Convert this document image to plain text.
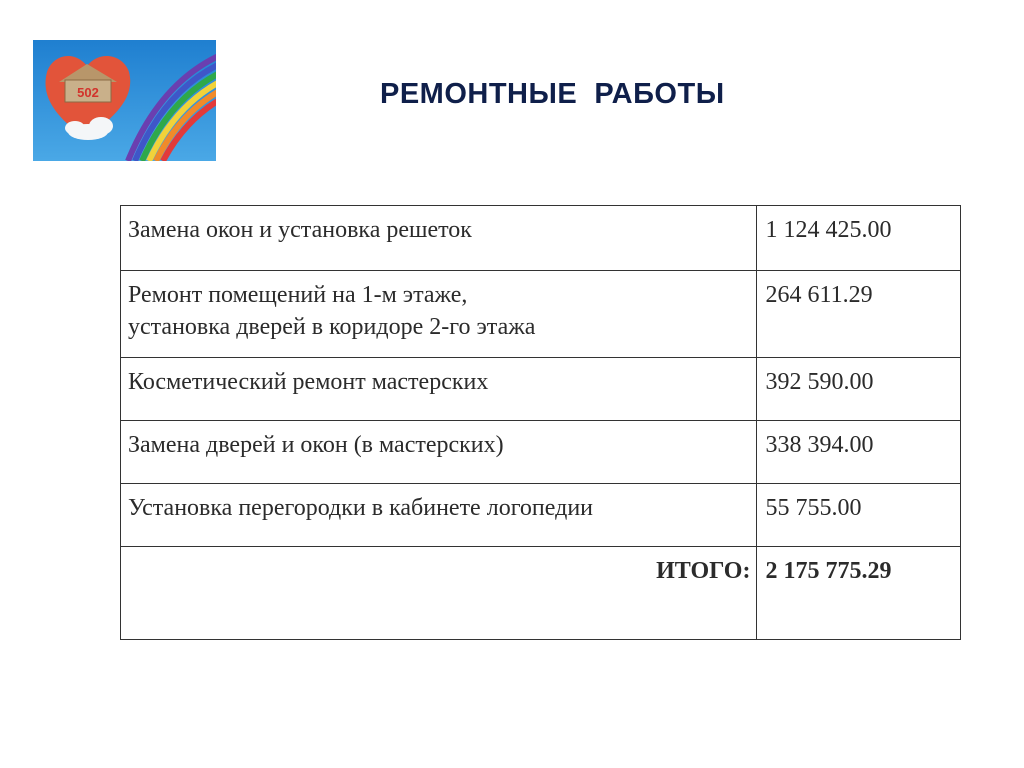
502	РЕМОНТНЫЕ  РАБОТЫ
Замена окон и установка решеток	1 124 425.00

Ремонт помещений на 1-м этаже,
установка дверей в коридоре 2-го этажа	264 611.29

Косметический ремонт мастерских	392 590.00

Замена дверей и окон (в мастерских)	338 394.00

Установка перегородки в кабинете логопедии	55 755.00

ИТОГО:	2 175 775.29
